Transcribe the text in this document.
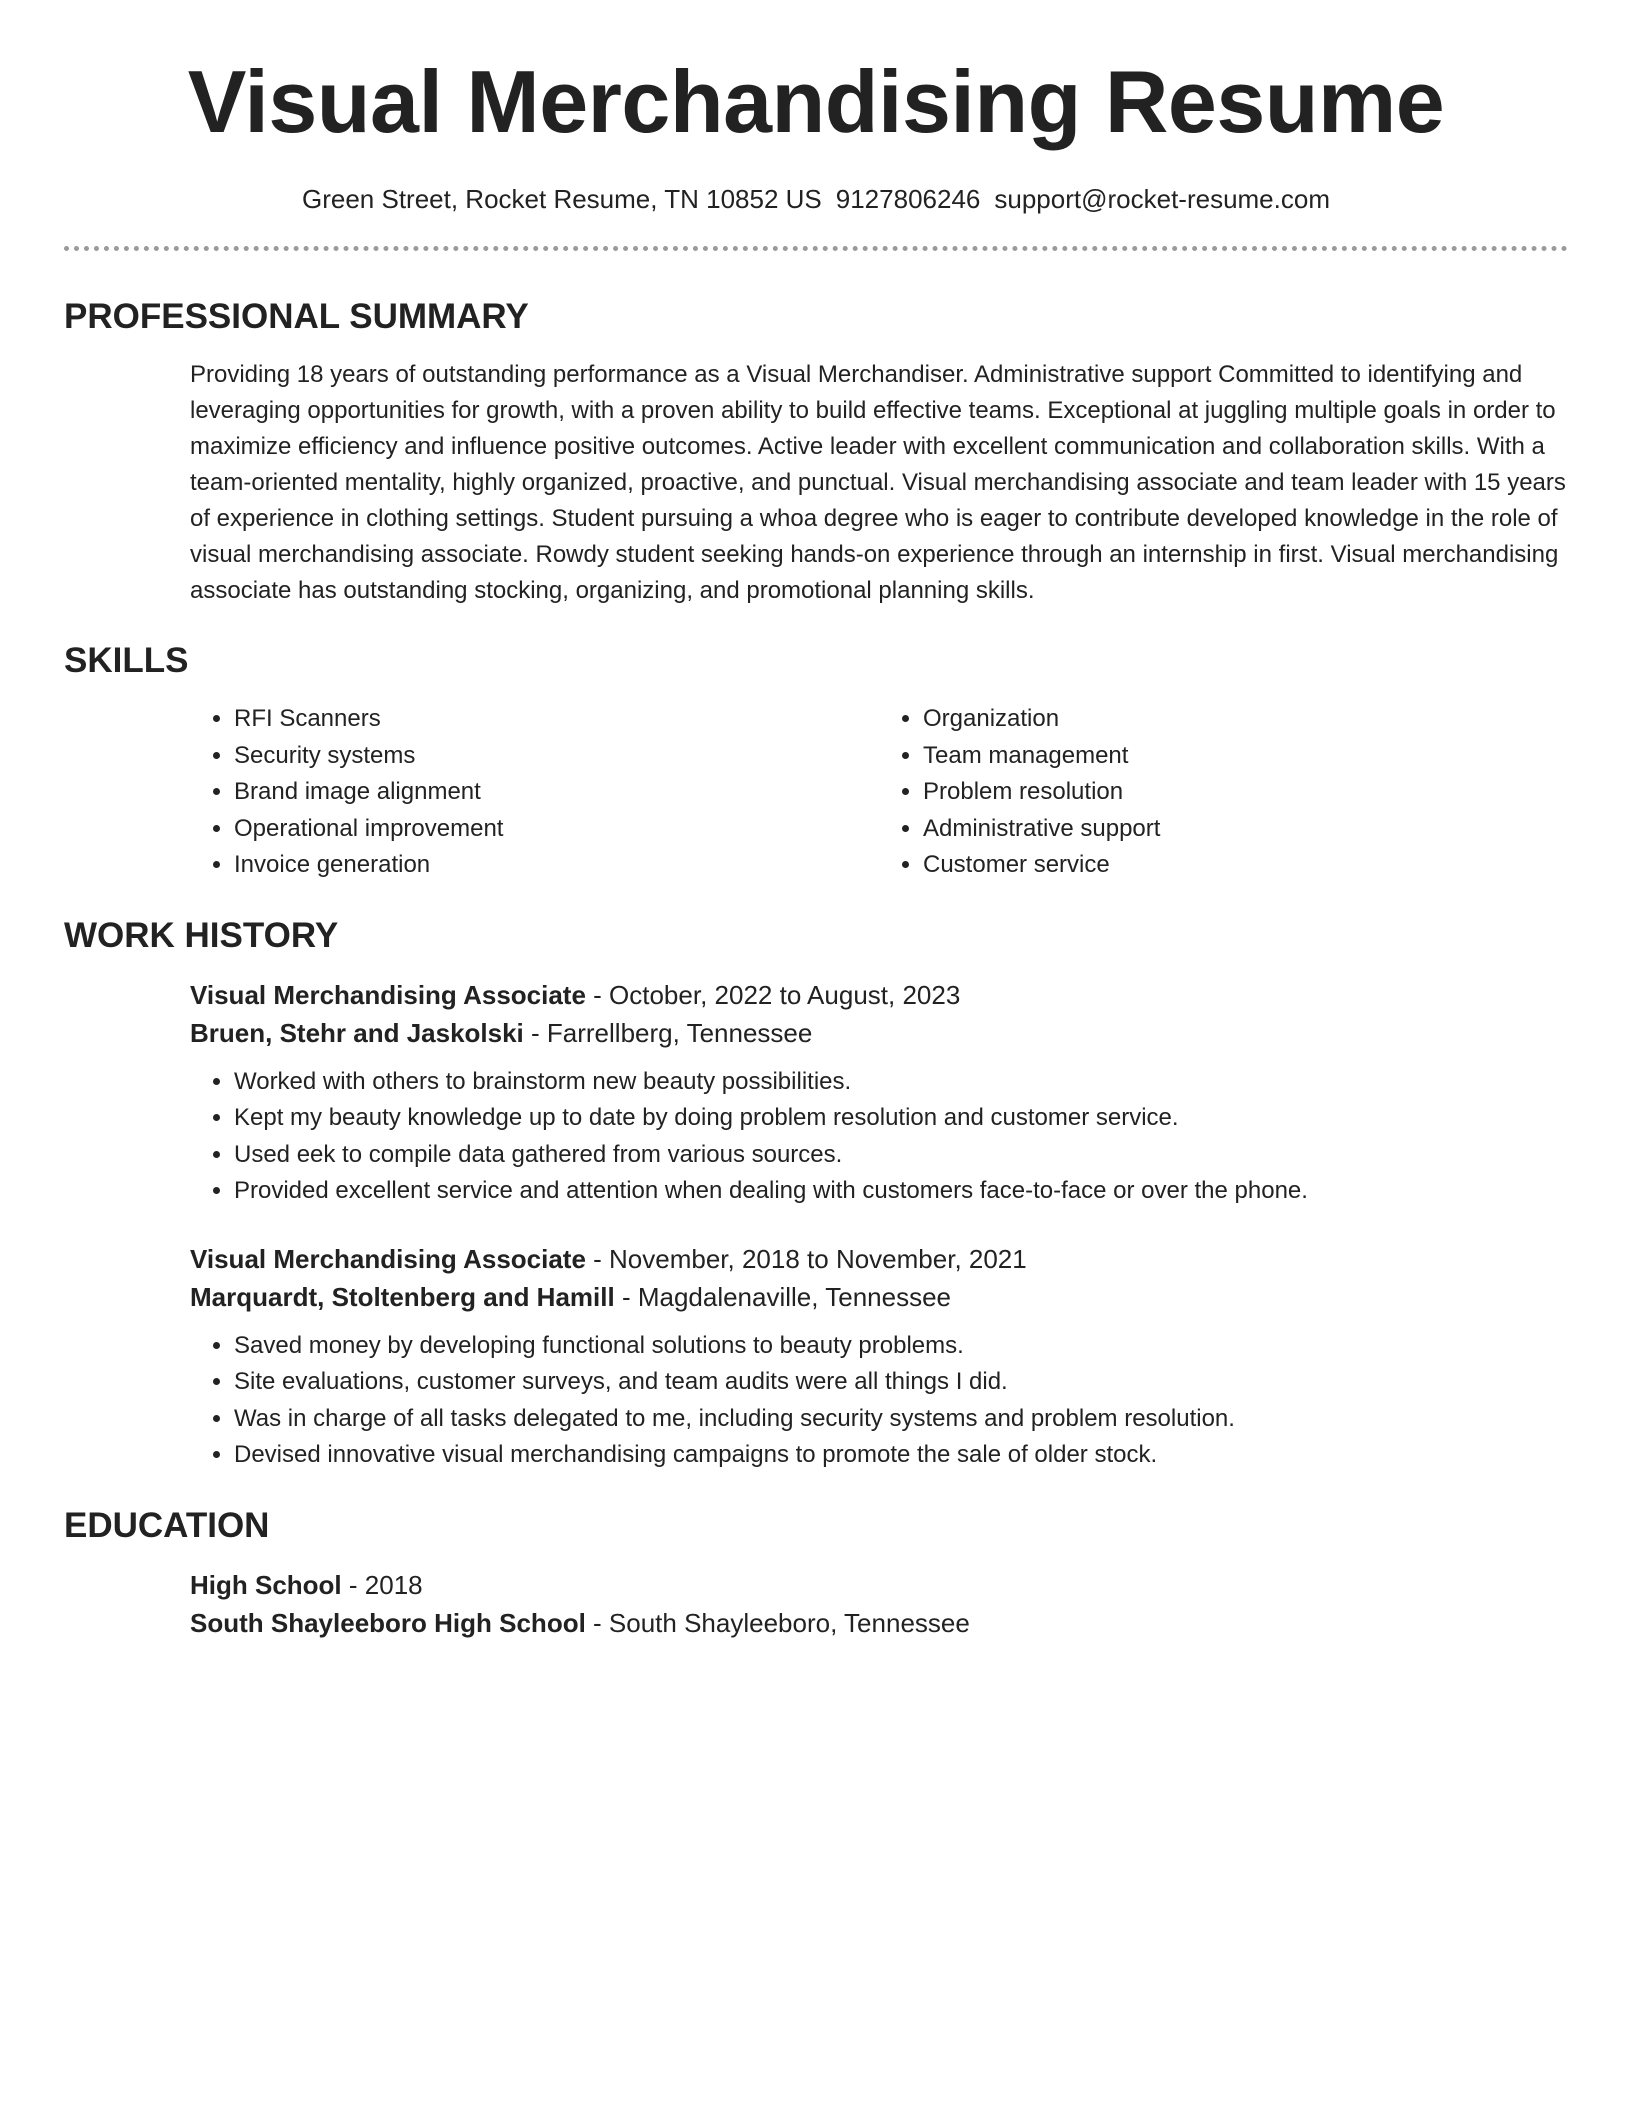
Visual Merchandising Resume
Green Street, Rocket Resume, TN 10852 US 9127806246 support@rocket-resume.com
PROFESSIONAL SUMMARY

Providing 18 years of outstanding performance as a Visual Merchandiser. Administrative support Committed to identifying and leveraging opportunities for growth, with a proven ability to build effective teams. Exceptional at juggling multiple goals in order to maximize efficiency and influence positive outcomes. Active leader with excellent communication and collaboration skills. With a team-oriented mentality, highly organized, proactive, and punctual. Visual merchandising associate and team leader with 15 years of experience in clothing settings. Student pursuing a whoa degree who is eager to contribute developed knowledge in the role of visual merchandising associate. Rowdy student seeking hands-on experience through an internship in first. Visual merchandising associate has outstanding stocking, organizing, and promotional planning skills.

SKILLS
• RFI Scanners
• Security systems
• Brand image alignment
• Operational improvement
• Invoice generation
• Organization
• Team management
• Problem resolution
• Administrative support
• Customer service
WORK HISTORY
Visual Merchandising Associate - October, 2022 to August, 2023
Bruen, Stehr and Jaskolski - Farrellberg, Tennessee
• Worked with others to brainstorm new beauty possibilities.
• Kept my beauty knowledge up to date by doing problem resolution and customer service.
• Used eek to compile data gathered from various sources.
• Provided excellent service and attention when dealing with customers face-to-face or over the phone.
Visual Merchandising Associate - November, 2018 to November, 2021
Marquardt, Stoltenberg and Hamill - Magdalenaville, Tennessee
• Saved money by developing functional solutions to beauty problems.
• Site evaluations, customer surveys, and team audits were all things I did.
• Was in charge of all tasks delegated to me, including security systems and problem resolution.
• Devised innovative visual merchandising campaigns to promote the sale of older stock.
EDUCATION
High School - 2018
South Shayleeboro High School - South Shayleeboro, Tennessee
